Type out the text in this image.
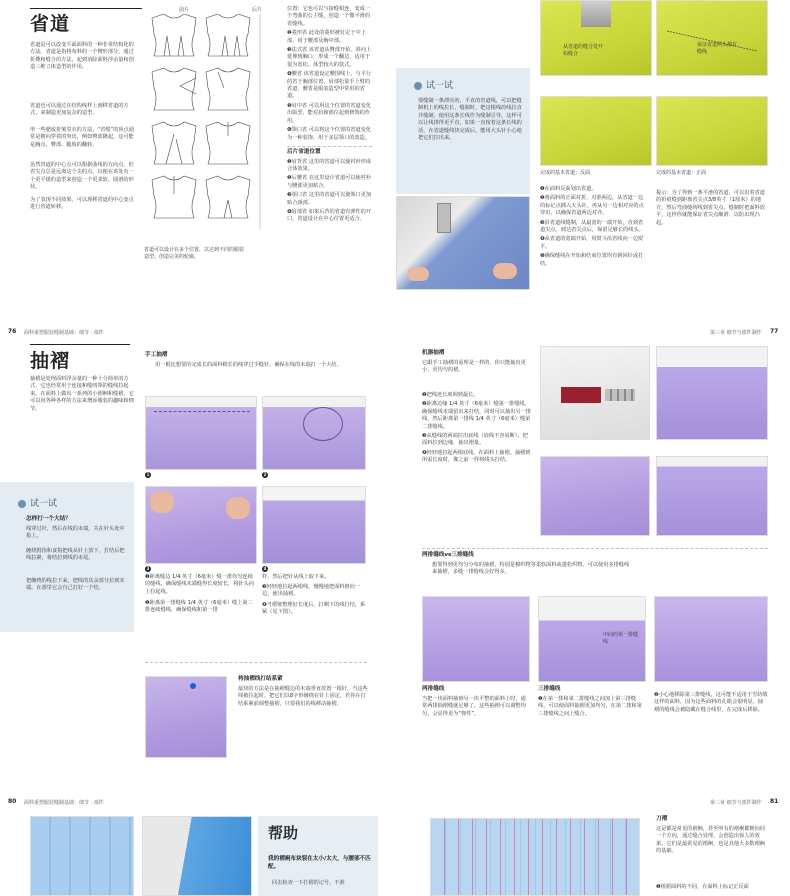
省道
省道是可以改变平面面料的一种非常结构化的方法。省道是指将布料的一个楔形部分，通过折叠和缝合的方法，起到消除面料浮余量和创造三维立体造型的作用。
省道也可以通过在结构线样上画移省道的方式，来制造更加复杂的造型。
形一些肥或折皱里衣的方法，“省缝”的顶点通常是朝向穿着的突出，例如臀部隆起，这可能是胸点、臀部、腿肢的翻转。
虽然省道的中心点可以根据曲线的方向点，但省尖点总是远离这个尖的点，以便在该处有一个更平缓的造型来创造一个更柔软、圆滑的形状。
为了表现不同效果，可以现移省道的中心变点进行省道转移。
前片	后片
省道可以设计在多个位置，以达到不同的服装造型。创造完美的轮廓。
位置：它也可以与接缝相连，变成一个弯曲的公主缝，创造一个微平滑的省缝线。
❷菱形省 此处的菱形被钉定于中上部，用于腰部及胸中部。
❸法式省 该省道从臀部开始，斜向上延伸到胸口，形成一个翻边，适用于很为宽松、体型较大的款式。
❹腰省 该省道设定腰围线上，与平行的省于胸部位置，肩部松量手上臂的省道，腰省是服装造型中常用的省道。
❺肩中省 可以用这个位置的省道变化出版型，能对肩膀部位起到修饰的作用。
❻领口省 可以将这个位置的省道变化为一种装饰，用于多层领口的改造。
后片省道位置
❶肩背省 这里的省道可以使衬衫形成合体效果。
❷后腰省 在这里设计省道可以使衬衫与腰部更加贴合。
❸领口省 这里的省道可以使领口更加贴合颈部。
❹肩部省 如果后背的省道有弹性的开口，省道设计在中心位置更适合。
试一试
要缝制一条漂亮的、平直的省道线，可以把缝制机上的线拉长，缝制时，把这根线的线拉直并缝制，使用这条长线作为缝制引导，这样可以让线排得更平直，如果一直按着这条长线的话，在省道缝线快完成后，能用大头针小心地把它们拉出来。
从省道的缝合处开始缝合
保证省道两头都有缝线
完成的基本省道：反面	完成的基本省道：正面
❶在面料反面划出省道。
❷将面料的正面对折，对准两边，从省道一边的标记点插入大头针。再从另一边相对应的点穿出，以确保省道两边对齐。
❸沿省道线缝制，从最宽的一端开始，直到省道尖点。到达省尖点后，保留足够长的线头。
❹从省道的宽端开始，用熨斗沿省线向一边熨平。
❺确保缝线在开始和结束位置均有倒回针或打结。
提示：为了得到一条平滑的省道，可以沿着省道的折痕缝到距离省尖点3/8英寸（1厘米）的地方，然后弯曲缝纫线到省尖点。缝制时把面料放平，这样你就能保证省尖点顺滑、以防出现凸起。
76 面料重塑服装缝制基础：细节 · 部件	第三章 细节与部件制作 77
抽褶
抽褶是处理面料浮余量的一种十分简单的方式，它也经常用于连接和缝纫领的缝线拉起来。在面料上做出一系列的小褶裥和缝褶，它可以用各种各样的方法来增添服装的趣味和细节。
试一试
怎样打一个大结？
线穿过针，然后在线的末端。关在针头处中指上。
缠绕拇指和食指把线从针上放下，打结后把线拉紧，将结拉到线的末尾。
把缠绕的线拉下来，把线的其余部分拉到末端。在那里它会自己打好一个结。
手工抽褶
用一根比想要的完成长的面料稍长的线穿过手缝针，确保在线的末端打一个大结。
1	2
3	4
❶距离缝边 1/4 英寸（6毫米）缝一排均匀连续的缝线，确保缝线末端缝得长度较长，将针头向上拉起线。
❷距离第一排缝线 1/4 英寸（6毫米）缝上第二排连续缝线，确保缝线和第一排
样，然后把针从线上取下来。
❸轻轻地拉起两根线，慢慢地把面料推向一边，使出抽褶。
❹当褶皱整理好长度后，打剩下的线打结，系紧（见下图）。
将抽褶线打结系紧
最快的方法是在抽褶缝边的末端垂直放置一根针，当这些线被拉起时，把它们以8字形缠绕在针上固定，若你在打结系紧前调整抽褶，只要我们的线移动抽褶。
机器抽褶
它跟手工抽褶的原理是一样的，你只能抽出更小、更均匀的褶。
❶把线迹长度调到最长。
❷距离边缘 1/4 英寸（6毫米）缝第一排缝线，确保缝线末端留出来打结，同时可以抽出另一排线，然后距离第一排线 1/4 英寸（6毫米）缝第二排缝线。
❸从缝线的两端拉出底线（底线不容易断），把面料拉到边缘，抽出褶量。
❹轻轻地拉起两根底线，在面料上抽褶。抽褶到所需长度时，像之前一样将线头打结。
两排缝线vs三排缝线
想要得到更均匀分布的抽褶，特别是棉织物等柔软面料或蓬松织物，可以使用多排缝线来抽褶，多缝一排缝线会好得多。
中间的第一排缝线
两排缝线
当把一块面料抽到另一块平整的面料上时，通常两排抽褶缝就足够了，这些抽褶可以调整均匀，会显得更为“弹性”。
三排缝线
❶在第一排和第二排缝线之间加上第三排缝线，可以使面料抽褶更加均匀，在第二排和第三排缝线之间上缝合。
❷小心地移除第三排缝线，这可能不适用于雪纺缎这样的面料，因为这些面料的孔眼会很明显。抽褶的缝线会被隐藏在缝合线里，在完成后移除。
80 面料重塑服装缝制基础：细节 · 部件	第三章 细节与部件制作 81
帮助
我的褶裥布块裂在太小/太大，与腰部不匹配。
回去检查一下打褶的记号，不准
刀褶
这是都是常见的褶裥，甚至所有的褶裥都朝向同一个方向，通过缝合处理，会创造出惊人的效果。它们是最常见的褶裥，也是其他大多数褶裥的基础。
❶根据面料的不同，在面料上标记正反面
